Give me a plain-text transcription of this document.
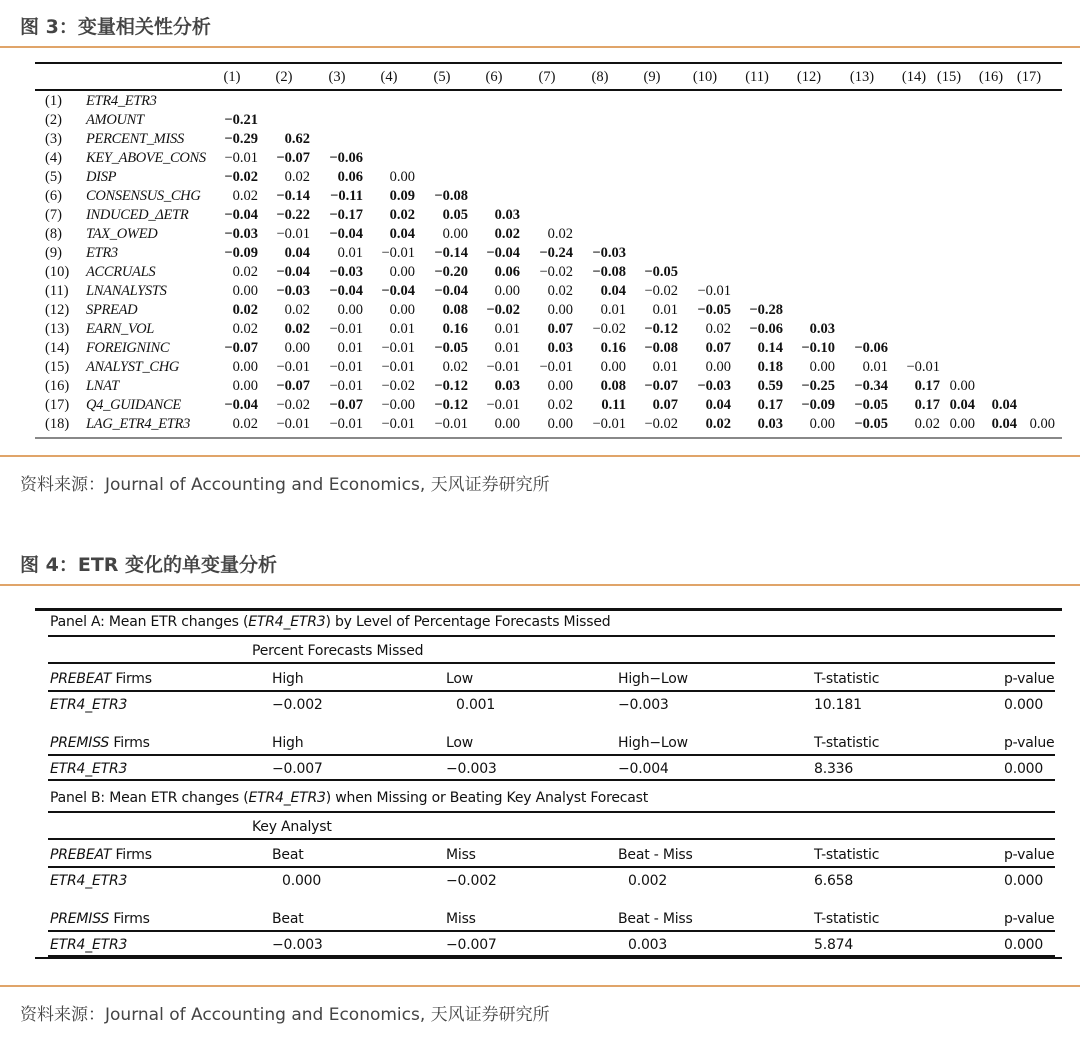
图 3：变量相关性分析
(1)	(2)	(3)	(4)	(5)	(6)	(7)	(8)	(9)	(10)	(11)	(12)	(13)	(14) (15)	(16) (17)
(1) ETR4_ETR3
(2) AMOUNT	−0.21
(3) PERCENT_MISS	−0.29 0.62
(4) KEY_ABOVE_CONS −0.01 −0.07 −0.06
(5) DISP	−0.02 0.02 0.06 0.00
(6) CONSENSUS_CHG 0.02 −0.14 −0.11 0.09 −0.08
(7) INDUCED_ΔETR −0.04 −0.22 −0.17 0.02 0.05 0.03
(8) TAX_OWED	−0.03 −0.01 −0.04 0.04 0.00 0.02 0.02
(9) ETR3	−0.09 0.04 0.01 −0.01 −0.14 −0.04 −0.24 −0.03
(10) ACCRUALS	0.02 −0.04 −0.03 0.00 −0.20 0.06 −0.02 −0.08 −0.05
(11) LNANALYSTS	0.00 −0.03 −0.04 −0.04 −0.04 0.00 0.02 0.04 −0.02 −0.01
(12) SPREAD	0.02 0.02 0.00 0.00 0.08 −0.02 0.00 0.01 0.01 −0.05 −0.28
(13) EARN_VOL	0.02 0.02 −0.01 0.01 0.16 0.01 0.07 −0.02 −0.12 0.02 −0.06 0.03
(14) FOREIGNINC	−0.07 0.00 0.01 −0.01 −0.05 0.01 0.03 0.16 −0.08 0.07 0.14 −0.10 −0.06
(15) ANALYST_CHG	0.00 −0.01 −0.01 −0.01 0.02 −0.01 −0.01 0.00 0.01 0.00 0.18 0.00 0.01 −0.01
(16) LNAT	0.00 −0.07 −0.01 −0.02 −0.12 0.03 0.00 0.08 −0.07 −0.03 0.59 −0.25 −0.34 0.17 0.00
(17) Q4_GUIDANCE	−0.04 −0.02 −0.07 −0.00 −0.12 −0.01 0.02 0.11 0.07 0.04 0.17 −0.09 −0.05 0.17 0.04 0.04
(18) LAG_ETR4_ETR3	0.02 −0.01 −0.01 −0.01 −0.01 0.00 0.00 −0.01 −0.02 0.02 0.03 0.00 −0.05 0.02 0.00 0.04 0.00
资料来源：Journal of Accounting and Economics, 天风证券研究所
图 4：ETR 变化的单变量分析
Panel A: Mean ETR changes (ETR4_ETR3) by Level of Percentage Forecasts Missed
Percent Forecasts Missed
PREBEAT Firms	High	Low	High−Low	T-statistic	p-value
ETR4_ETR3	−0.002	0.001	−0.003	10.181	0.000
PREMISS Firms	High	Low	High−Low	T-statistic	p-value
ETR4_ETR3	−0.007	−0.003	−0.004	8.336	0.000
Panel B: Mean ETR changes (ETR4_ETR3) when Missing or Beating Key Analyst Forecast
Key Analyst
PREBEAT Firms	Beat	Miss	Beat - Miss	T-statistic	p-value
ETR4_ETR3	0.000	−0.002	0.002	6.658	0.000
PREMISS Firms	Beat	Miss	Beat - Miss	T-statistic	p-value
ETR4_ETR3	−0.003	−0.007	0.003	5.874	0.000
资料来源：Journal of Accounting and Economics, 天风证券研究所
